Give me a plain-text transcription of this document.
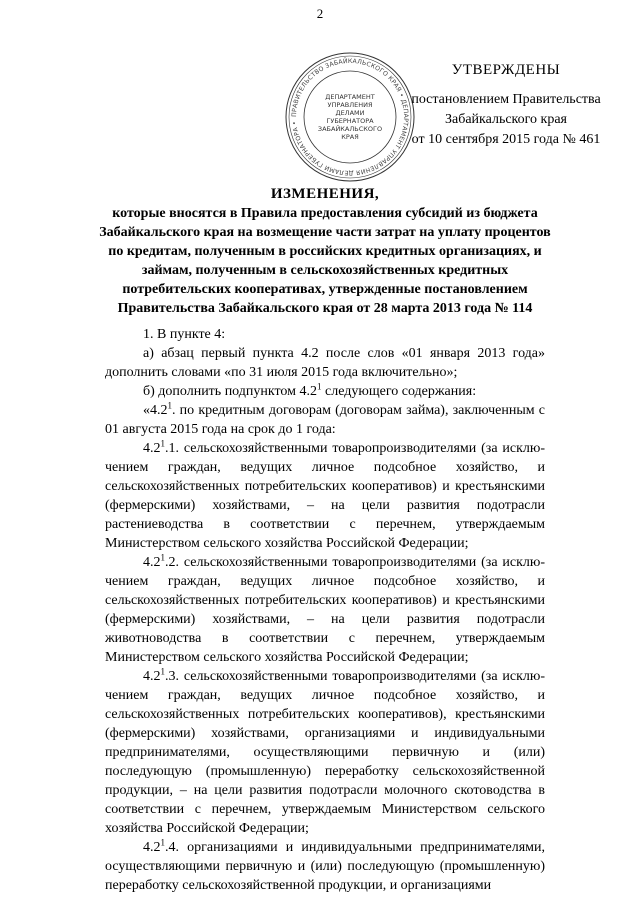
2
ПРАВИТЕЛЬСТВО ЗАБАЙКАЛЬСКОГО КРАЯ • ДЕПАРТАМЕНТ УПРАВЛЕНИЯ ДЕЛАМИ ГУБЕРНАТОРА •
ДЕПАРТАМЕНТ
УПРАВЛЕНИЯ
ДЕЛАМИ
ГУБЕРНАТОРА
ЗАБАЙКАЛЬСКОГО
КРАЯ
УТВЕРЖДЕНЫ
постановлением Правительства
Забайкальского края
от 10 сентября 2015 года № 461
ИЗМЕНЕНИЯ,
которые вносятся в Правила предоставления субсидий из бюджета
Забайкальского края на возмещение части затрат на уплату процентов
по кредитам, полученным в российских кредитных организациях, и
займам, полученным в сельскохозяйственных кредитных
потребительских кооперативах, утвержденные постановлением
Правительства Забайкальского края от 28 марта 2013 года № 114

1. В пункте 4:

а) абзац первый пункта 4.2 после слов «01 января 2013 года» дополнить словами «по 31 июля 2015 года включительно»;

б) дополнить подпунктом $4.2^1$ следующего содержания:

«$4.2^1$. по кредитным договорам (договорам займа), заключенным с 01 августа 2015 года на срок до 1 года:

$4.2^1.1$. сельскохозяйственными товаропроизводителями (за исклю-чением граждан, ведущих личное подсобное хозяйство, и сельскохозяйственных потребительских кооперативов) и крестьянскими (фермерскими) хозяйствами, – на цели развития подотрасли растениеводства в соответствии с перечнем, утверждаемым Министерством сельского хозяйства Российской Федерации;

$4.2^1.2$. сельскохозяйственными товаропроизводителями (за исклю-чением граждан, ведущих личное подсобное хозяйство, и сельскохозяйственных потребительских кооперативов) и крестьянскими (фермерскими) хозяйствами, – на цели развития подотрасли животноводства в соответствии с перечнем, утверждаемым Министерством сельского хозяйства Российской Федерации;

$4.2^1.3$. сельскохозяйственными товаропроизводителями (за исклю-чением граждан, ведущих личное подсобное хозяйство, и сельскохозяйственных потребительских кооперативов), крестьянскими (фермерскими) хозяйствами, организациями и индивидуальными предпринимателями, осуществляющими первичную и (или) последующую (промышленную) переработку сельскохозяйственной продукции, – на цели развития подотрасли молочного скотоводства в соответствии с перечнем, утверждаемым Министерством сельского хозяйства Российской Федерации;

$4.2^1.4$. организациями и индивидуальными предпринимателями, осуществляющими первичную и (или) последующую (промышленную) переработку сельскохозяйственной продукции, и организациями
